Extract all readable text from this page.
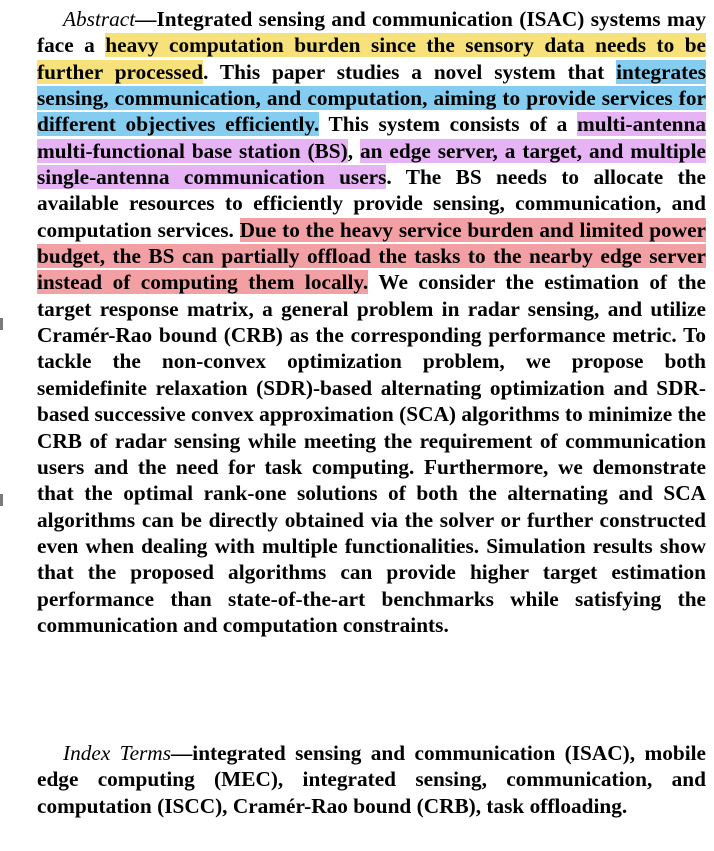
Abstract—Integrated sensing and communication (ISAC) systems may face a heavy computation burden since the sensory data needs to be further processed. This paper studies a novel system that integrates sensing, communication, and computation, aiming to provide services for different objectives efficiently. This system consists of a multi-antenna multi-functional base station (BS), an edge server, a target, and multiple single-antenna communication users. The BS needs to allocate the available resources to efficiently provide sensing, communication, and computation services. Due to the heavy service burden and limited power budget, the BS can partially offload the tasks to the nearby edge server instead of computing them locally. We consider the estimation of the target response matrix, a general problem in radar sensing, and utilize Cramér-Rao bound (CRB) as the corresponding performance metric. To tackle the non-convex optimization problem, we propose both semidefinite relaxation (SDR)-based alternating optimization and SDR-based successive convex approximation (SCA) algorithms to minimize the CRB of radar sensing while meeting the requirement of communication users and the need for task computing. Furthermore, we demonstrate that the optimal rank-one solutions of both the alternating and SCA algorithms can be directly obtained via the solver or further constructed even when dealing with multiple functionalities. Simulation results show that the proposed algorithms can provide higher target estimation performance than state-of-the-art benchmarks while satisfying the communication and computation constraints.

Index Terms—integrated sensing and communication (ISAC), mobile edge computing (MEC), integrated sensing, communication, and computation (ISCC), Cramér-Rao bound (CRB), task offloading.
